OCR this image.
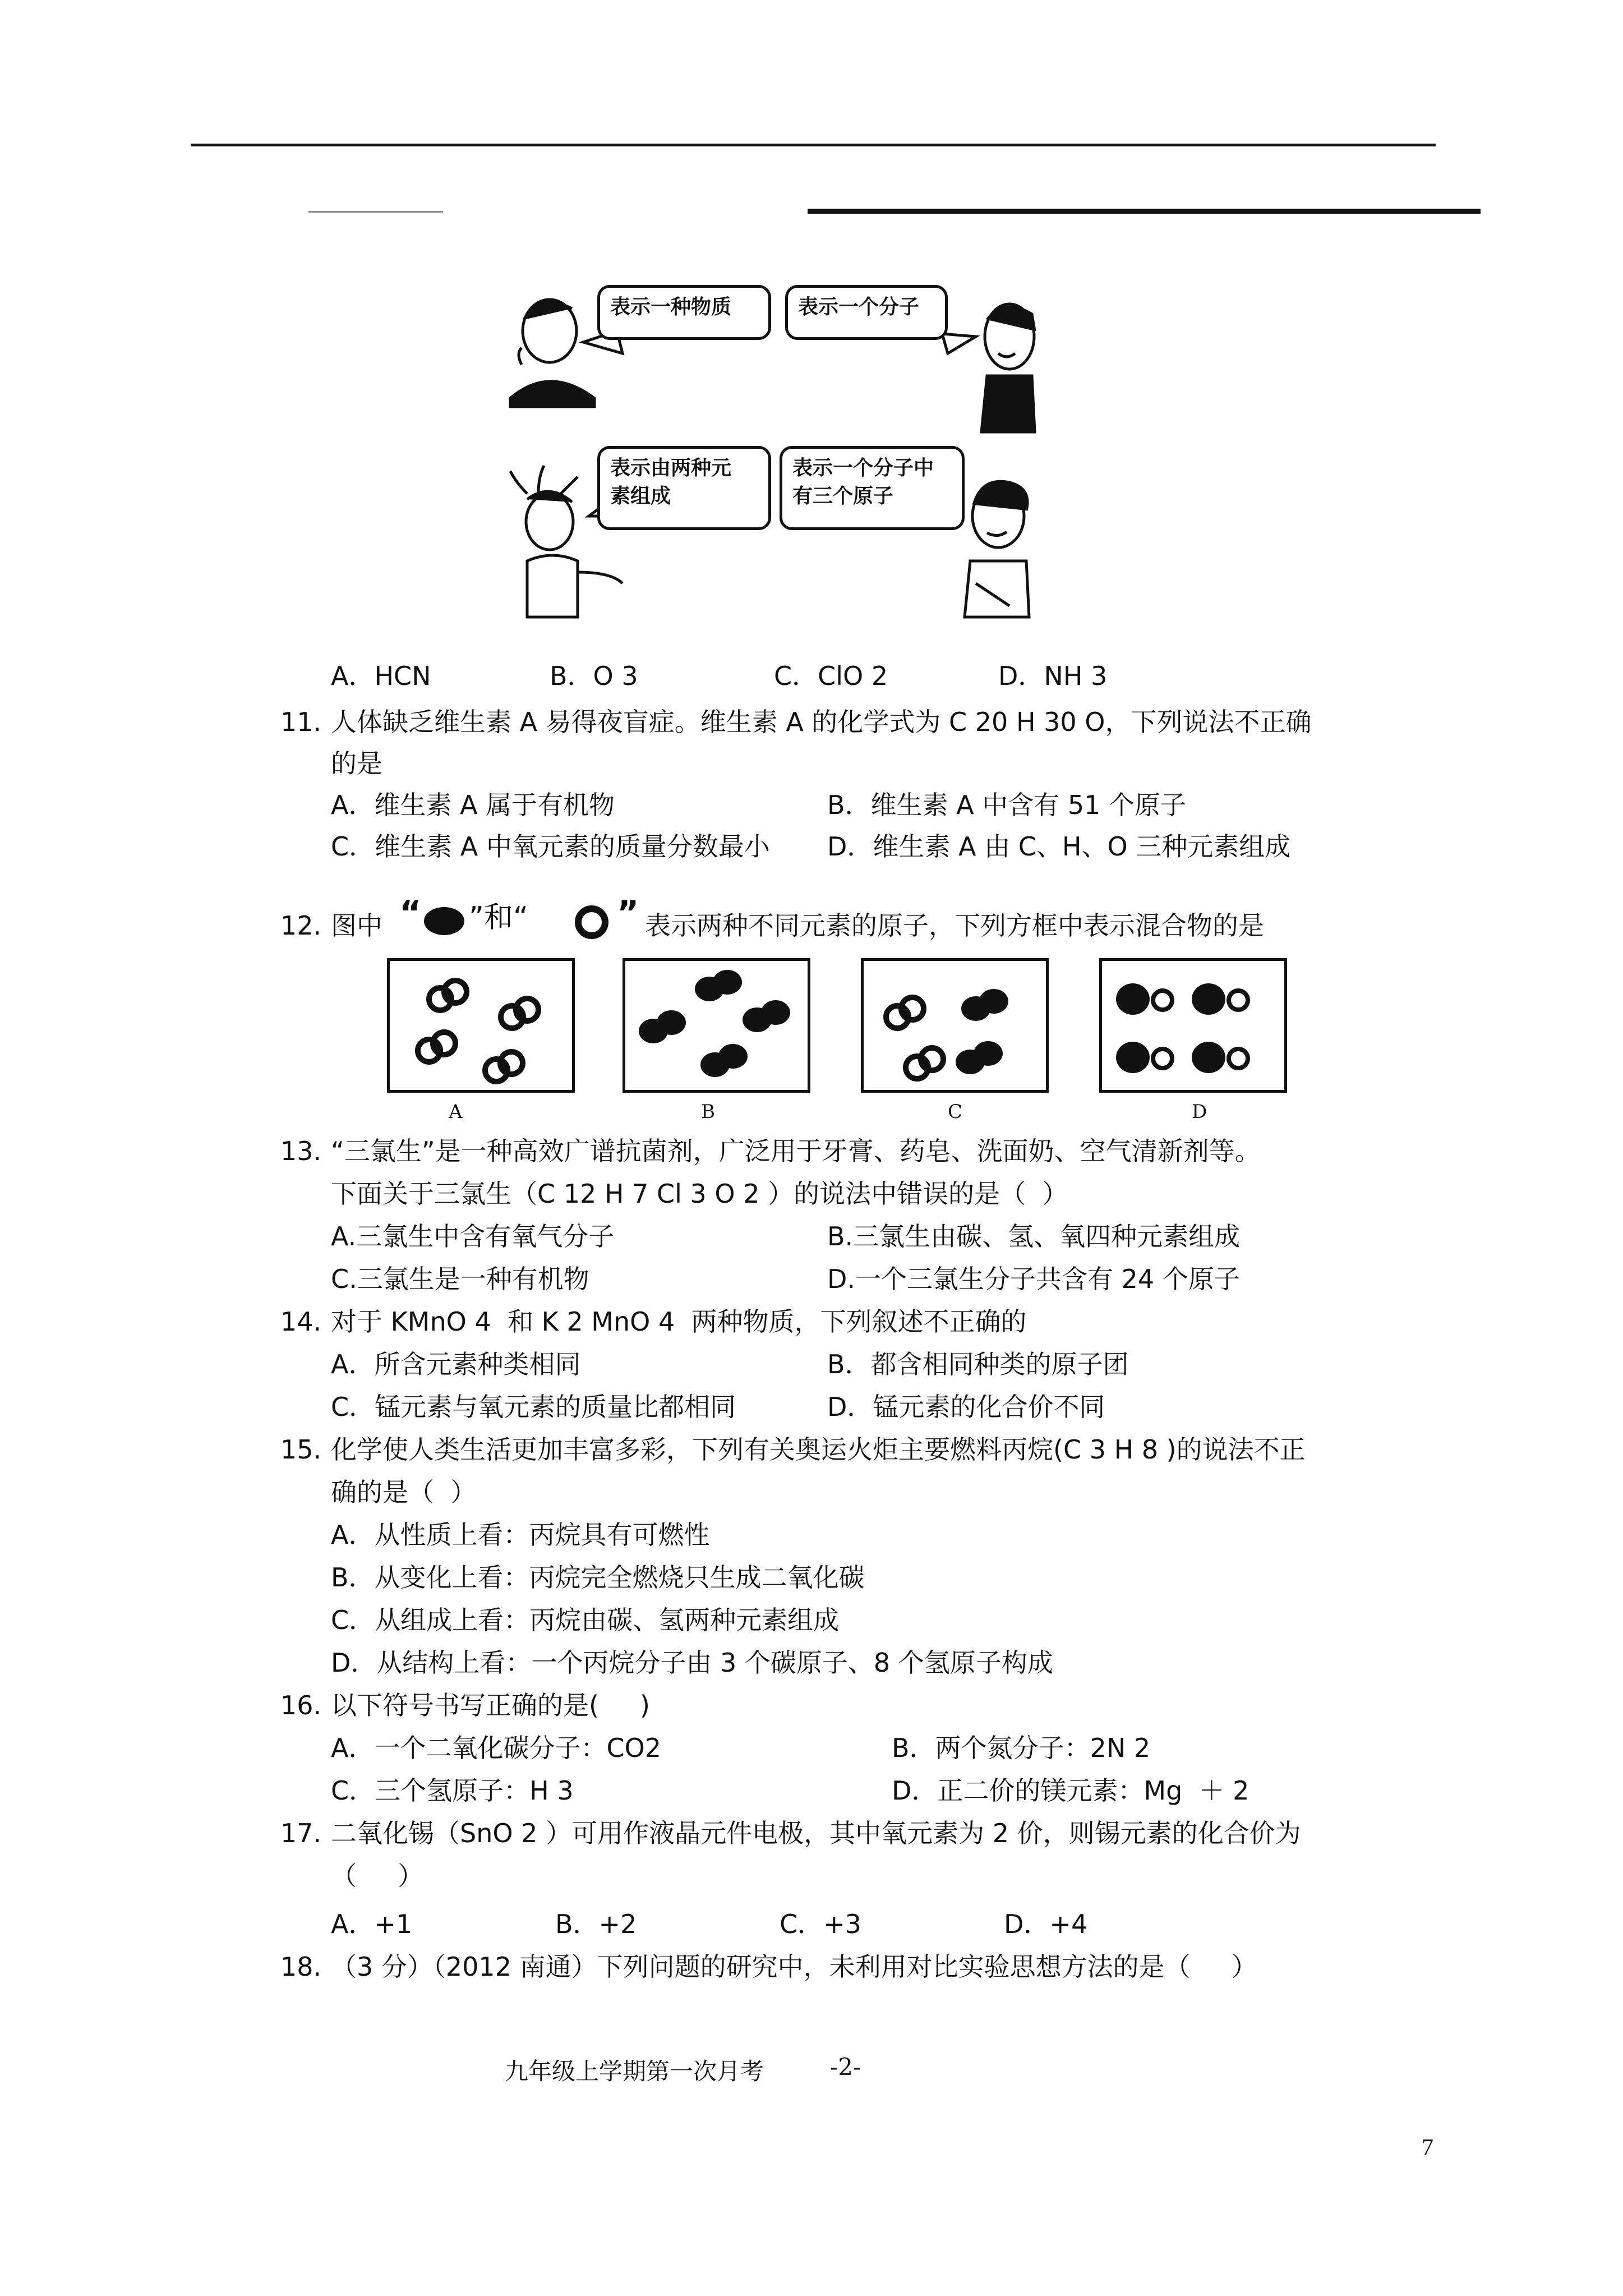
表示一种物质	表示一个分子
表示由两种元
素组成
表示一个分子中
有三个原子
A．HCN	B．O 3	C．ClO 2	D．NH 3
11. 人体缺乏维生素 A 易得夜盲症。维生素 A 的化学式为 C 20 H 30 O，下列说法不正确
的是
A．维生素 A 属于有机物	B．维生素 A 中含有 51 个原子
C．维生素 A 中氧元素的质量分数最小 D．维生素 A 由 C、H、O 三种元素组成
12. 图中 “ ”和“	” 表示两种不同元素的原子，下列方框中表示混合物的是
A	B	C	D
13. “三氯生”是一种高效广谱抗菌剂，广泛用于牙膏、药皂、洗面奶、空气清新剂等。
下面关于三氯生（C 12 H 7 Cl 3 O 2 ）的说法中错误的是（  ）
A.三氯生中含有氧气分子	B.三氯生由碳、氢、氧四种元素组成
C.三氯生是一种有机物	D.一个三氯生分子共含有 24 个原子
14. 对于 KMnO 4  和 K 2 MnO 4  两种物质，下列叙述不正确的
A．所含元素种类相同	B．都含相同种类的原子团
C．锰元素与氧元素的质量比都相同	D．锰元素的化合价不同
15. 化学使人类生活更加丰富多彩，下列有关奥运火炬主要燃料丙烷(C 3 H 8 )的说法不正
确的是（  ）
A．从性质上看：丙烷具有可燃性
B．从变化上看：丙烷完全燃烧只生成二氧化碳
C．从组成上看：丙烷由碳、氢两种元素组成
D．从结构上看：一个丙烷分子由 3 个碳原子、8 个氢原子构成
16. 以下符号书写正确的是(     )
A．一个二氧化碳分子：CO2	B．两个氮分子：2N 2
C．三个氢原子：H 3	D．正二价的镁元素：Mg  ＋ 2
17. 二氧化锡（SnO 2 ）可用作液晶元件电极，其中氧元素为 2 价，则锡元素的化合价为
（     ）
A．+1	B．+2	C．+3	D．+4
18. （3 分）（2012 南通）下列问题的研究中，未利用对比实验思想方法的是（     ）
九年级上学期第一次月考	-2-
7
